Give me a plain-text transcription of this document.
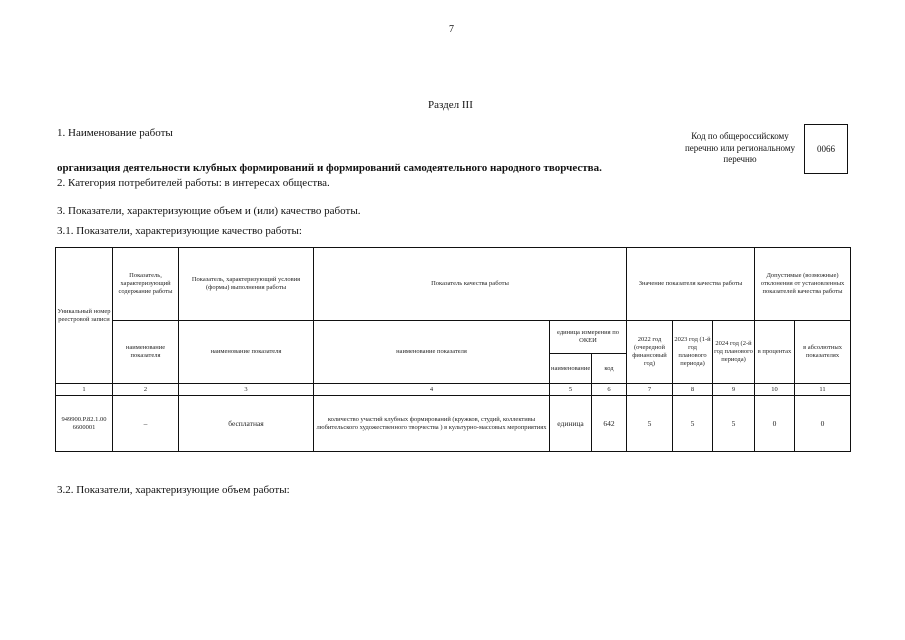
7
Раздел III
1. Наименование работы	Код по общероссийскому перечню или региональному перечню
0066
организация деятельности клубных формирований и формирований самодеятельного народного творчества.
2. Категория потребителей работы: в интересах общества.
3. Показатели, характеризующие объем и (или) качество работы.
3.1. Показатели, характеризующие качество работы:
Уникальный номер реестровой записи	Показатель, характеризующий содержание работы	Показатель, характеризующий условия (формы) выполнения работы	Показатель качества работы			Значение показателя качества работы			Допустимые (возможные) отклонения от установленных показателей качества работы	
	наименование показателя	наименование показателя	наименование показателя	единица измерения по ОКЕИ		2022 год (очередной финансовый год)	2023 год (1-й год планового периода)	2024 год (2-й год планового периода)	в процентах	в абсолютных показателях
				наименование	код					
1	2	3	4	5	6	7	8	9	10	11
949900.Р.82.1.00 6600001	–	бесплатная	количество участий клубных формирований (кружков, студий, коллективы любительского художественного творчества ) в культурно-массовых мероприятиях	единица	642	5	5	5	0	0
3.2. Показатели, характеризующие объем работы:
